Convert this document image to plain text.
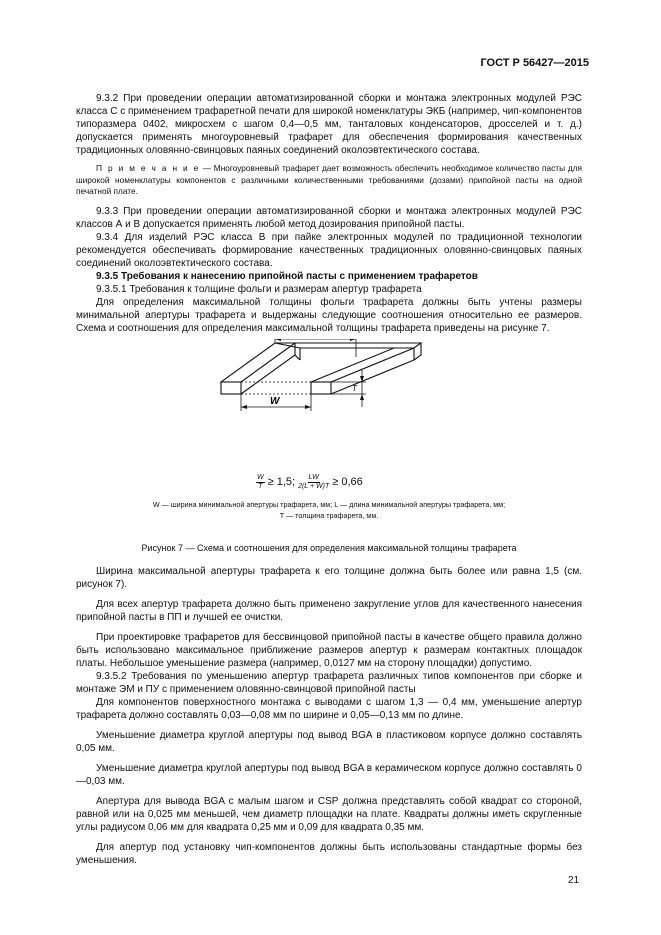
ГОСТ Р 56427—2015

9.3.2 При проведении операции автоматизированной сборки и монтажа электронных модулей РЭС класса С с применением трафаретной печати для широкой номенклатуры ЭКБ (например, чип-компонентов типоразмера 0402, микросхем с шагом 0,4—0,5 мм, танталовых конденсаторов, дросселей и т. д.) допускается применять многоуровневый трафарет для обеспечения формирования качественных традиционных оловянно-свинцовых паяных соединений околоэвтектического состава.

П р и м е ч а н и е — Многоуровневый трафарет дает возможность обеспечить необходимое количество пасты для широкой номенклатуры компонентов с различными количественными требованиями (дозами) припойной пасты на одной печатной плате.

9.3.3 При проведении операции автоматизированной сборки и монтажа электронных модулей РЭС классов А и В допускается применять любой метод дозирования припойной пасты.

9.3.4 Для изделий РЭС класса В при пайке электронных модулей по традиционной технологии рекомендуется обеспечивать формирование качественных традиционных оловянно-свинцовых паяных соединений околоэвтектического состава.

9.3.5 Требования к нанесению припойной пасты с применением трафаретов

9.3.5.1 Требования к толщине фольги и размерам апертур трафарета

Для определения максимальной толщины фольги трафарета должны быть учтены размеры минимальной апертуры трафарета и выдержаны следующие соотношения относительно ее размеров. Схема и соотношения для определения максимальной толщины трафарета приведены на рисунке 7.

W
T
$\frac{W}{T} \ge 1,5$; $\frac{LW}{2(L + W)T} \ge 0,66$
W — ширина минимальной апертуры трафарета, мм; L — длина минимальной апертуры трафарета, мм;
T — толщина трафарета, мм.
Рисунок 7 — Схема и соотношения для определения максимальной толщины трафарета

Ширина максимальной апертуры трафарета к его толщине должна быть более или равна 1,5 (см. рисунок 7).

Для всех апертур трафарета должно быть применено закругление углов для качественного нанесения припойной пасты в ПП и лучшей ее очистки.

При проектировке трафаретов для бессвинцовой припойной пасты в качестве общего правила должно быть использовано максимальное приближение размеров апертур к размерам контактных площадок платы. Небольшое уменьшение размера (например, 0,0127 мм на сторону площадки) допустимо.

9.3.5.2 Требования по уменьшению апертур трафарета различных типов компонентов при сборке и монтаже ЭМ и ПУ с применением оловянно-свинцовой припойной пасты

Для компонентов поверхностного монтажа с выводами с шагом 1,3 — 0,4 мм, уменьшение апертур трафарета должно составлять 0,03—0,08 мм по ширине и 0,05—0,13 мм по длине.

Уменьшение диаметра круглой апертуры под вывод BGA в пластиковом корпусе должно составлять 0,05 мм.

Уменьшение диаметра круглой апертуры под вывод BGA в керамическом корпусе должно составлять 0—0,03 мм.

Апертура для вывода BGA с малым шагом и CSP должна представлять собой квадрат со стороной, равной или на 0,025 мм меньшей, чем диаметр площадки на плате. Квадраты должны иметь скругленные углы радиусом 0,06 мм для квадрата 0,25 мм и 0,09 для квадрата 0,35 мм.

Для апертур под установку чип-компонентов должны быть использованы стандартные формы без уменьшения.

21
